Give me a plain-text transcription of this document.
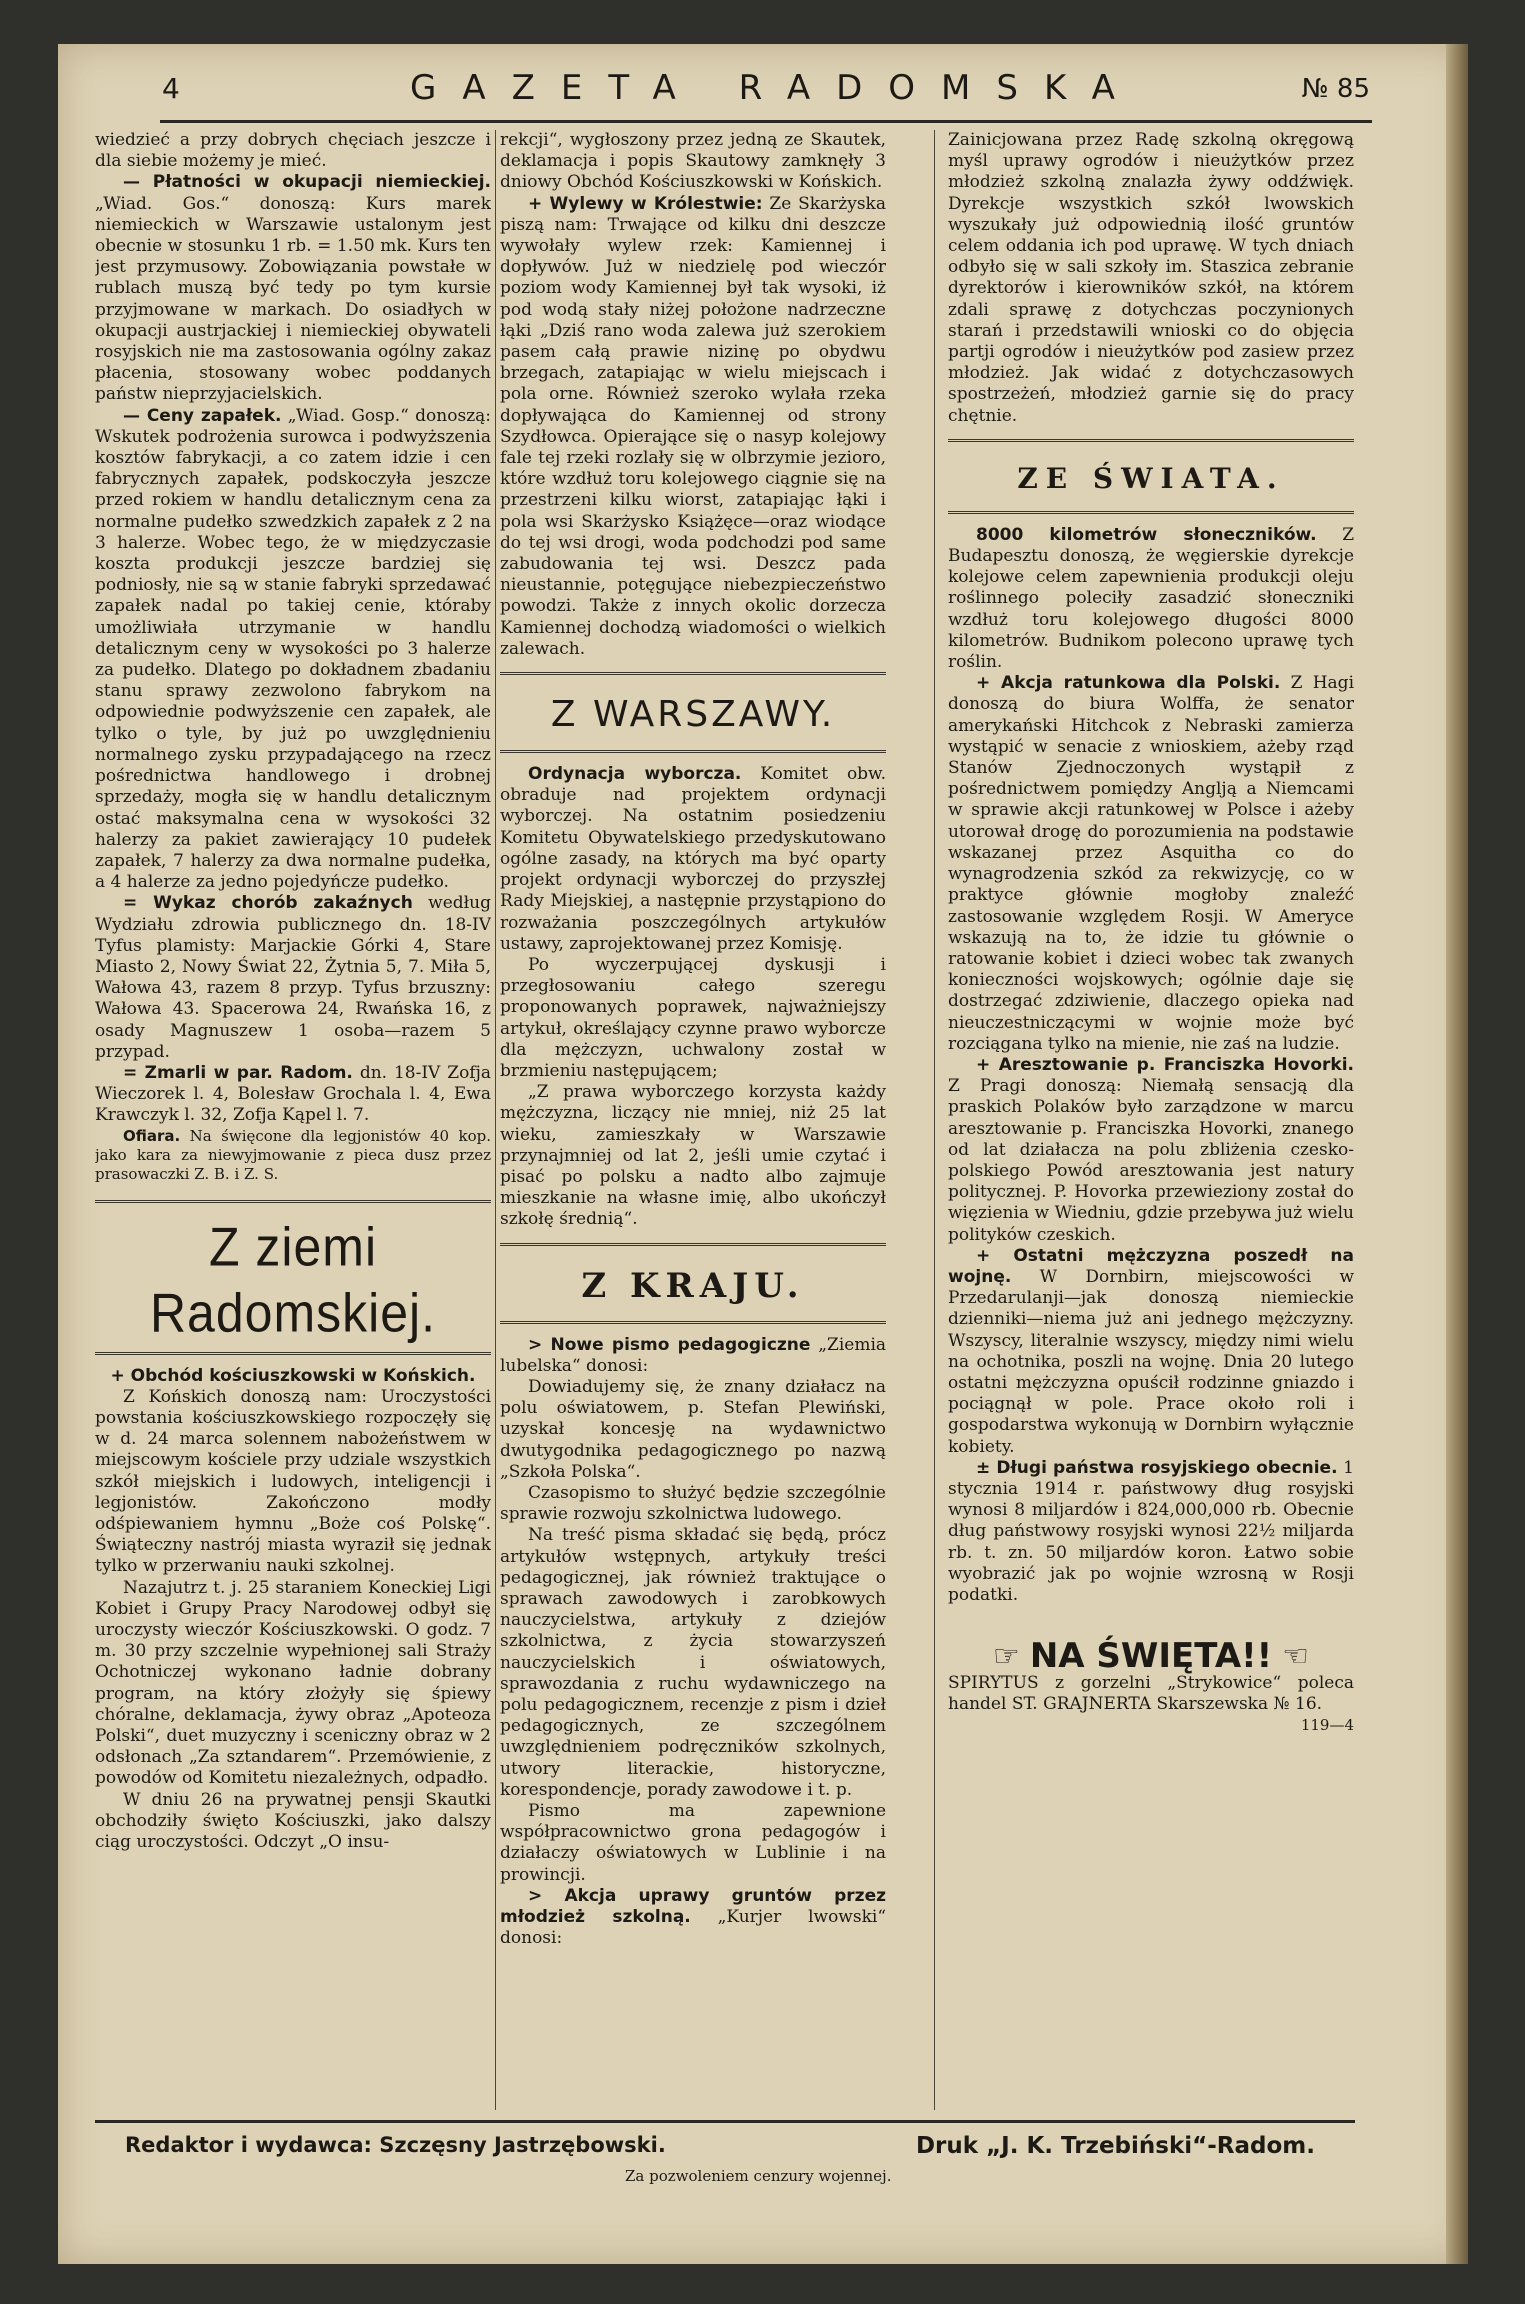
4	GAZETA RADOMSKA	№ 85

wiedzieć a przy dobrych chęciach jeszcze i dla siebie możemy je mieć.

— Płatności w okupacji niemieckiej. „Wiad. Gos.“ donoszą: Kurs marek niemieckich w Warszawie ustalonym jest obecnie w stosunku 1 rb. = 1.50 mk. Kurs ten jest przymusowy. Zobowiązania powstałe w rublach muszą być tedy po tym kursie przyjmowane w markach. Do osiadłych w okupacji austrjackiej i niemieckiej obywateli rosyjskich nie ma zastosowania ogólny zakaz płacenia, stosowany wobec poddanych państw nieprzyjacielskich.

— Ceny zapałek. „Wiad. Gosp.“ donoszą: Wskutek podrożenia surowca i podwyższenia kosztów fabrykacji, a co zatem idzie i cen fabrycznych zapałek, podskoczyła jeszcze przed rokiem w handlu detalicznym cena za normalne pudełko szwedzkich zapałek z 2 na 3 halerze. Wobec tego, że w międzyczasie koszta produkcji jeszcze bardziej się podniosły, nie są w stanie fabryki sprzedawać zapałek nadal po takiej cenie, któraby umożliwiała utrzymanie w handlu detalicznym ceny w wysokości po 3 halerze za pudełko. Dlatego po dokładnem zbadaniu stanu sprawy zezwolono fabrykom na odpowiednie podwyższenie cen zapałek, ale tylko o tyle, by już po uwzględnieniu normalnego zysku przypadającego na rzecz pośrednictwa handlowego i drobnej sprzedaży, mogła się w handlu detalicznym ostać maksymalna cena w wysokości 32 halerzy za pakiet zawierający 10 pudełek zapałek, 7 halerzy za dwa normalne pudełka, a 4 halerze za jedno pojedyńcze pudełko.

= Wykaz chorób zakaźnych według Wydziału zdrowia publicznego dn. 18-IV Tyfus plamisty: Marjackie Górki 4, Stare Miasto 2, Nowy Świat 22, Żytnia 5, 7. Miła 5, Wałowa 43, razem 8 przyp. Tyfus brzuszny: Wałowa 43. Spacerowa 24, Rwańska 16, z osady Magnuszew 1 osoba—razem 5 przypad.

= Zmarli w par. Radom. dn. 18-IV Zofja Wieczorek l. 4, Bolesław Grochala l. 4, Ewa Krawczyk l. 32, Zofja Kąpel l. 7.

Ofiara. Na święcone dla legjonistów 40 kop. jako kara za niewyjmowanie z pieca dusz przez prasowaczki Z. B. i Z. S.

Z ziemi Radomskiej.

+ Obchód kościuszkowski w Końskich.

Z Końskich donoszą nam: Uroczystości powstania kościuszkowskiego rozpoczęły się w d. 24 marca solennem nabożeństwem w miejscowym kościele przy udziale wszystkich szkół miejskich i ludowych, inteligencji i legjonistów. Zakończono modły odśpiewaniem hymnu „Boże coś Polskę“. Świąteczny nastrój miasta wyraził się jednak tylko w przerwaniu nauki szkolnej.

Nazajutrz t. j. 25 staraniem Koneckiej Ligi Kobiet i Grupy Pracy Narodowej odbył się uroczysty wieczór Kościuszkowski. O godz. 7 m. 30 przy szczelnie wypełnionej sali Straży Ochotniczej wykonano ładnie dobrany program, na który złożyły się śpiewy chóralne, deklamacja, żywy obraz „Apoteoza Polski“, duet muzyczny i sceniczny obraz w 2 odsłonach „Za sztandarem“. Przemówienie, z powodów od Komitetu niezależnych, odpadło.

W dniu 26 na prywatnej pensji Skautki obchodziły święto Kościuszki, jako dalszy ciąg uroczystości. Odczyt „O insu-

rekcji“, wygłoszony przez jedną ze Skautek, deklamacja i popis Skautowy zamknęły 3 dniowy Obchód Kościuszkowski w Końskich.

+ Wylewy w Królestwie: Ze Skarżyska piszą nam: Trwające od kilku dni deszcze wywołały wylew rzek: Kamiennej i dopływów. Już w niedzielę pod wieczór poziom wody Kamiennej był tak wysoki, iż pod wodą stały niżej położone nadrzeczne łąki „Dziś rano woda zalewa już szerokiem pasem całą prawie nizinę po obydwu brzegach, zatapiając w wielu miejscach i pola orne. Również szeroko wylała rzeka dopływająca do Kamiennej od strony Szydłowca. Opierające się o nasyp kolejowy fale tej rzeki rozlały się w olbrzymie jezioro, które wzdłuż toru kolejowego ciągnie się na przestrzeni kilku wiorst, zatapiając łąki i pola wsi Skarżysko Książęce—oraz wiodące do tej wsi drogi, woda podchodzi pod same zabudowania tej wsi. Deszcz pada nieustannie, potęgujące niebezpieczeństwo powodzi. Także z innych okolic dorzecza Kamiennej dochodzą wiadomości o wielkich zalewach.

Z WARSZAWY.

Ordynacja wyborcza. Komitet obw. obraduje nad projektem ordynacji wyborczej. Na ostatnim posiedzeniu Komitetu Obywatelskiego przedyskutowano ogólne zasady, na których ma być oparty projekt ordynacji wyborczej do przyszłej Rady Miejskiej, a następnie przystąpiono do rozważania poszczególnych artykułów ustawy, zaprojektowanej przez Komisję.

Po wyczerpującej dyskusji i przegłosowaniu całego szeregu proponowanych poprawek, najważniejszy artykuł, określający czynne prawo wyborcze dla mężczyzn, uchwalony został w brzmieniu następującem;

„Z prawa wyborczego korzysta każdy mężczyzna, liczący nie mniej, niż 25 lat wieku, zamieszkały w Warszawie przynajmniej od lat 2, jeśli umie czytać i pisać po polsku a nadto albo zajmuje mieszkanie na własne imię, albo ukończył szkołę średnią“.

Z KRAJU.

> Nowe pismo pedagogiczne „Ziemia lubelska“ donosi:

Dowiadujemy się, że znany działacz na polu oświatowem, p. Stefan Plewiński, uzyskał koncesję na wydawnictwo dwutygodnika pedagogicznego po nazwą „Szkoła Polska“.

Czasopismo to służyć będzie szczególnie sprawie rozwoju szkolnictwa ludowego.

Na treść pisma składać się będą, prócz artykułów wstępnych, artykuły treści pedagogicznej, jak również traktujące o sprawach zawodowych i zarobkowych nauczycielstwa, artykuły z dziejów szkolnictwa, z życia stowarzyszeń nauczycielskich i oświatowych, sprawozdania z ruchu wydawniczego na polu pedagogicznem, recenzje z pism i dzieł pedagogicznych, ze szczególnem uwzględnieniem podręczników szkolnych, utwory literackie, historyczne, korespondencje, porady zawodowe i t. p.

Pismo ma zapewnione współpracownictwo grona pedagogów i działaczy oświatowych w Lublinie i na prowincji.

> Akcja uprawy gruntów przez młodzież szkolną. „Kurjer lwowski“ donosi:

Zainicjowana przez Radę szkolną okręgową myśl uprawy ogrodów i nieużytków przez młodzież szkolną znalazła żywy oddźwięk. Dyrekcje wszystkich szkół lwowskich wyszukały już odpowiednią ilość gruntów celem oddania ich pod uprawę. W tych dniach odbyło się w sali szkoły im. Staszica zebranie dyrektorów i kierowników szkół, na którem zdali sprawę z dotychczas poczynionych starań i przedstawili wnioski co do objęcia partji ogrodów i nieużytków pod zasiew przez młodzież. Jak widać z dotychczasowych spostrzeżeń, młodzież garnie się do pracy chętnie.

ZE ŚWIATA.

8000 kilometrów słoneczników. Z Budapesztu donoszą, że węgierskie dyrekcje kolejowe celem zapewnienia produkcji oleju roślinnego poleciły zasadzić słoneczniki wzdłuż toru kolejowego długości 8000 kilometrów. Budnikom polecono uprawę tych roślin.

+ Akcja ratunkowa dla Polski. Z Hagi donoszą do biura Wolffa, że senator amerykański Hitchcok z Nebraski zamierza wystąpić w senacie z wnioskiem, ażeby rząd Stanów Zjednoczonych wystąpił z pośrednictwem pomiędzy Anglją a Niemcami w sprawie akcji ratunkowej w Polsce i ażeby utorował drogę do porozumienia na podstawie wskazanej przez Asquitha co do wynagrodzenia szkód za rekwizycję, co w praktyce głównie mogłoby znaleźć zastosowanie względem Rosji. W Ameryce wskazują na to, że idzie tu głównie o ratowanie kobiet i dzieci wobec tak zwanych konieczności wojskowych; ogólnie daje się dostrzegać zdziwienie, dlaczego opieka nad nieuczestniczącymi w wojnie może być rozciągana tylko na mienie, nie zaś na ludzie.

+ Aresztowanie p. Franciszka Hovorki. Z Pragi donoszą: Niemałą sensacją dla praskich Polaków było zarządzone w marcu aresztowanie p. Franciszka Hovorki, znanego od lat działacza na polu zbliżenia czesko-polskiego Powód aresztowania jest natury politycznej. P. Hovorka przewieziony został do więzienia w Wiedniu, gdzie przebywa już wielu polityków czeskich.

+ Ostatni mężczyzna poszedł na wojnę. W Dornbirn, miejscowości w Przedarulanji—jak donoszą niemieckie dzienniki—niema już ani jednego mężczyzny. Wszyscy, literalnie wszyscy, między nimi wielu na ochotnika, poszli na wojnę. Dnia 20 lutego ostatni mężczyzna opuścił rodzinne gniazdo i pociągnął w pole. Prace około roli i gospodarstwa wykonują w Dornbirn wyłącznie kobiety.

± Długi państwa rosyjskiego obecnie. 1 stycznia 1914 r. państwowy dług rosyjski wynosi 8 miljardów i 824,000,000 rb. Obecnie dług państwowy rosyjski wynosi 22½ miljarda rb. t. zn. 50 miljardów koron. Łatwo sobie wyobrazić jak po wojnie wzrosną w Rosji podatki.

☞ NA ŚWIĘTA!! ☜

SPIRYTUS z gorzelni „Strykowice“ poleca handel ST. GRAJNERTA Skarszewska № 16.

119—4
Redaktor i wydawca: Szczęsny Jastrzębowski.	Druk „J. K. Trzebiński“-Radom.
Za pozwoleniem cenzury wojennej.
